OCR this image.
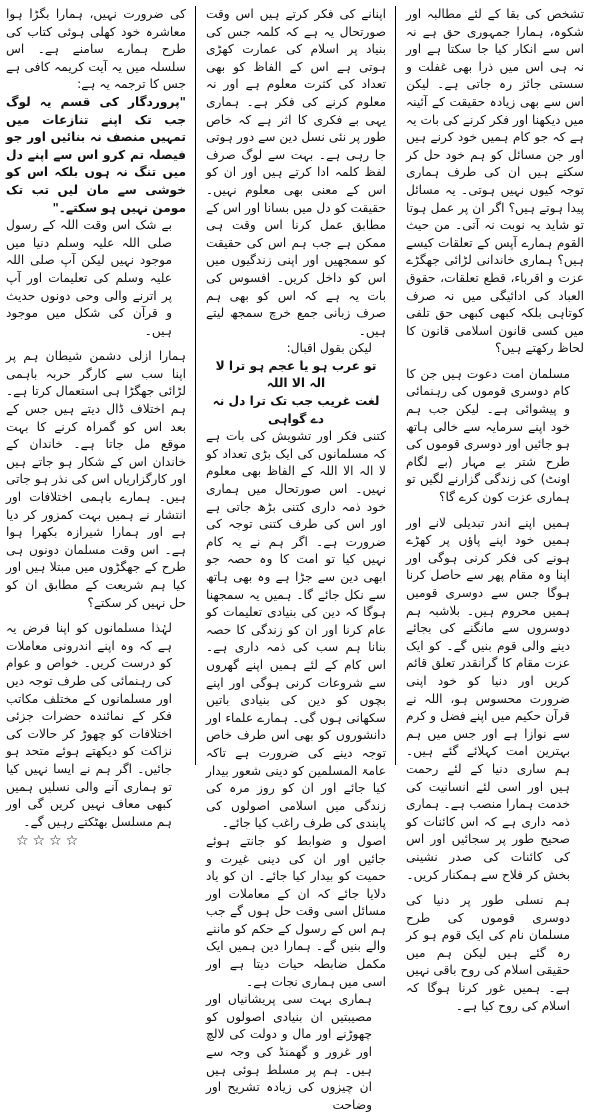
تشخص کی بقا کے لئے مطالبہ اور شکوہ، ہمارا جمہوری حق ہے نہ اس سے انکار کیا جا سکتا ہے اور نہ ہی اس میں ذرا بھی غفلت و سستی جائز رہ جاتی ہے۔ لیکن اس سے بھی زیادہ حقیقت کے آئینہ میں دیکھنا اور فکر کرنے کی بات یہ ہے کہ جو کام ہمیں خود کرنے ہیں اور جن مسائل کو ہم خود حل کر سکتے ہیں ان کی طرف ہماری توجہ کیوں نہیں ہوتی۔ یہ مسائل پیدا ہوتے ہیں؟ اگر ان پر عمل ہوتا تو شاید یہ نوبت نہ آتی۔ من حیث القوم ہمارے آپس کے تعلقات کیسے ہیں؟ ہماری خاندانی لڑائی جھگڑے عزت و اقرباء، قطع تعلقات، حقوق العباد کی ادائیگی میں نہ صرف کوتاہی بلکہ کبھی کبھی حق تلفی میں کسی قانون اسلامی قانون کا لحاظ رکھتے ہیں؟

مسلمان امت دعوت ہیں جن کا کام دوسری قوموں کی رہنمائی و پیشوائی ہے۔ لیکن جب ہم خود اپنے سرمایہ سے خالی ہاتھ ہو جائیں اور دوسری قوموں کی طرح شتر بے مہار (بے لگام اونٹ) کی زندگی گزارنے لگیں تو ہماری عزت کون کرے گا؟

ہمیں اپنے اندر تبدیلی لانے اور ہمیں خود اپنے پاؤں پر کھڑے ہونے کی فکر کرنی ہوگی اور اپنا وہ مقام پھر سے حاصل کرنا ہوگا جس سے دوسری قومیں ہمیں محروم ہیں۔ بلاشبہ ہم دوسروں سے مانگنے کی بجائے دینے والی قوم بنیں گے۔ کو ایک عزت مقام کا گرانقدر تعلق قائم کریں اور دنیا کو خود اپنی ضرورت محسوس ہو، اللہ نے قرآن حکیم میں اپنے فضل و کرم سے نوازا ہے اور جس میں ہم بہترین امت کہلائے گئے ہیں۔ ہم ساری دنیا کے لئے رحمت ہیں اور اسی لئے انسانیت کی خدمت ہمارا منصب ہے۔ ہماری ذمہ داری ہے کہ اس کائنات کو صحیح طور پر سجائیں اور اس کی کائنات کی صدر نشینی بخش کر فلاح سے ہمکنار کریں۔

ہم نسلی طور پر دنیا کی دوسری قوموں کی طرح مسلمان نام کی ایک قوم ہو کر رہ گئے ہیں لیکن ہم میں حقیقی اسلام کی روح باقی نہیں ہے۔ ہمیں غور کرنا ہوگا کہ اسلام کی روح کیا ہے۔

اپنانے کی فکر کرتے ہیں اس وقت صورتحال یہ ہے کہ کلمہ جس کی بنیاد پر اسلام کی عمارت کھڑی ہوتی ہے اس کے الفاظ کو بھی تعداد کی کثرت معلوم ہے اور نہ معلوم کرنے کی فکر ہے۔ ہماری یہی بے فکری کا اثر ہے کہ خاص طور پر نئی نسل دین سے دور ہوتی جا رہی ہے۔ بہت سے لوگ صرف لفظ کلمہ ادا کرتے ہیں اور ان کو اس کے معنی بھی معلوم نہیں۔ حقیقت کو دل میں بسانا اور اس کے مطابق عمل کرنا اس وقت ہی ممکن ہے جب ہم اس کی حقیقت کو سمجھیں اور اپنی زندگیوں میں اس کو داخل کریں۔ افسوس کی بات یہ ہے کہ اس کو بھی ہم صرف زبانی جمع خرچ سمجھ لیتے ہیں۔

لیکن بقول اقبال:

تو عرب ہو یا عجم ہو ترا لا الہ الا اللہ

لغت غریب جب تک ترا دل نہ دے گواہی

کتنی فکر اور تشویش کی بات ہے کہ مسلمانوں کی ایک بڑی تعداد کو لا الہ الا اللہ کے الفاظ بھی معلوم نہیں۔ اس صورتحال میں ہماری خود ذمہ داری کتنی بڑھ جاتی ہے اور اس کی طرف کتنی توجہ کی ضرورت ہے۔ اگر ہم نے یہ کام نہیں کیا تو امت کا وہ حصہ جو ابھی دین سے جڑا ہے وہ بھی ہاتھ سے نکل جائے گا۔ ہمیں یہ سمجھنا ہوگا کہ دین کی بنیادی تعلیمات کو عام کرنا اور ان کو زندگی کا حصہ بنانا ہم سب کی ذمہ داری ہے۔ اس کام کے لئے ہمیں اپنے گھروں سے شروعات کرنی ہوگی اور اپنے بچوں کو دین کی بنیادی باتیں سکھانی ہوں گی۔ ہمارے علماء اور دانشوروں کو بھی اس طرف خاص توجہ دینے کی ضرورت ہے تاکہ عامۃ المسلمین کو دینی شعور بیدار کیا جائے اور ان کو روز مرہ کی زندگی میں اسلامی اصولوں کی پابندی کی طرف راغب کیا جائے۔

اصول و ضوابط کو جانتے ہوئے جائیں اور ان کی دینی غیرت و حمیت کو بیدار کیا جائے۔ ان کو یاد دلایا جائے کہ ان کے معاملات اور مسائل اسی وقت حل ہوں گے جب ہم اس کے رسول کے حکم کو ماننے والے بنیں گے۔ ہمارا دین ہمیں ایک مکمل ضابطہ حیات دیتا ہے اور اسی میں ہماری نجات ہے۔

ہماری بہت سی پریشانیاں اور مصیبتیں ان بنیادی اصولوں کو چھوڑنے اور مال و دولت کی لالچ اور غرور و گھمنڈ کی وجہ سے ہیں۔ ہم پر مسلط ہوئی ہیں ان چیزوں کی زیادہ تشریح اور وضاحت

کی ضرورت نہیں، ہمارا بگڑا ہوا معاشرہ خود کھلی ہوئی کتاب کی طرح ہمارے سامنے ہے۔ اس سلسلہ میں یہ آیت کریمہ کافی ہے جس کا ترجمہ یہ ہے:

"پروردگار کی قسم یہ لوگ جب تک اپنے تنازعات میں تمہیں منصف نہ بنائیں اور جو فیصلہ تم کرو اس سے اپنے دل میں تنگ نہ ہوں بلکہ اس کو خوشی سے مان لیں تب تک مومن نہیں ہو سکتے۔"

بے شک اس وقت اللہ کے رسول صلی اللہ علیہ وسلم دنیا میں موجود نہیں لیکن آپ صلی اللہ علیہ وسلم کی تعلیمات اور آپ پر اترنے والی وحی دونوں حدیث و قرآن کی شکل میں موجود ہیں۔

ہمارا ازلی دشمن شیطان ہم پر اپنا سب سے کارگر حربہ باہمی لڑائی جھگڑا ہی استعمال کرتا ہے۔ ہم اختلاف ڈال دیتے ہیں جس کے بعد اس کو گمراہ کرنے کا بہت موقع مل جاتا ہے۔ خاندان کے خاندان اس کے شکار ہو جاتے ہیں اور کارگزاریاں اس کی نذر ہو جاتی ہیں۔ ہمارے باہمی اختلافات اور انتشار نے ہمیں بہت کمزور کر دیا ہے اور ہمارا شیرازہ بکھرا ہوا ہے۔ اس وقت مسلمان دونوں ہی طرح کے جھگڑوں میں مبتلا ہیں اور کیا ہم شریعت کے مطابق ان کو حل نہیں کر سکتے؟

لہٰذا مسلمانوں کو اپنا فرض یہ ہے کہ وہ اپنے اندرونی معاملات کو درست کریں۔ خواص و عوام کی رہنمائی کی طرف توجہ دیں اور مسلمانوں کے مختلف مکاتب فکر کے نمائندہ حضرات جزئی اختلافات کو چھوڑ کر حالات کی نزاکت کو دیکھتے ہوئے متحد ہو جائیں۔ اگر ہم نے ایسا نہیں کیا تو ہماری آنے والی نسلیں ہمیں کبھی معاف نہیں کریں گی اور ہم مسلسل بھٹکتے رہیں گے۔

☆☆☆☆
